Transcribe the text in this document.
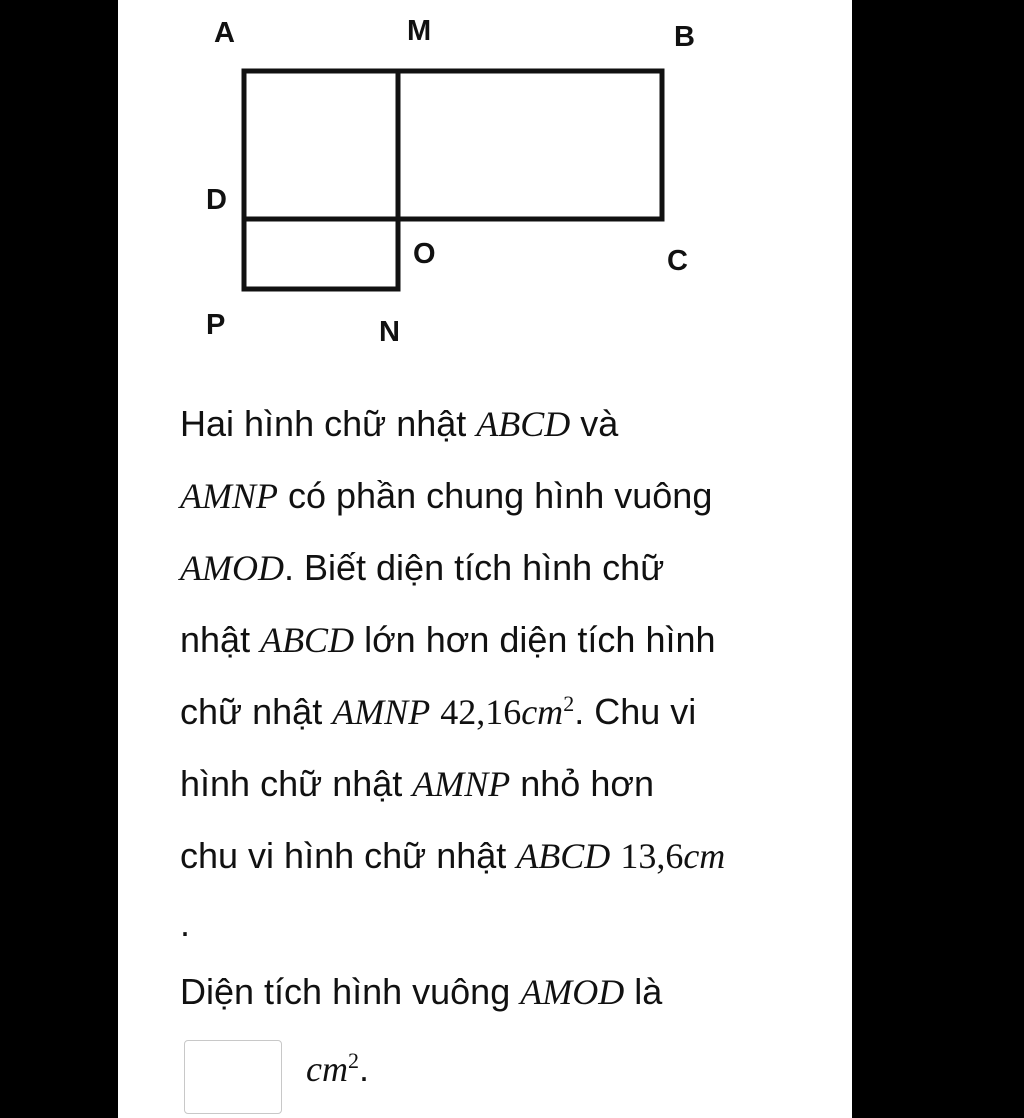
A	M	B
D
O	C
P	N
Hai hình chữ nhật ABCD và
AMNP có phần chung hình vuông
AMOD. Biết diện tích hình chữ
nhật ABCD lớn hơn diện tích hình
chữ nhật AMNP $42,16cm^2$. Chu vi
hình chữ nhật AMNP nhỏ hơn
chu vi hình chữ nhật ABCD 13,6cm
.
Diện tích hình vuông AMOD là
$cm^2$.
